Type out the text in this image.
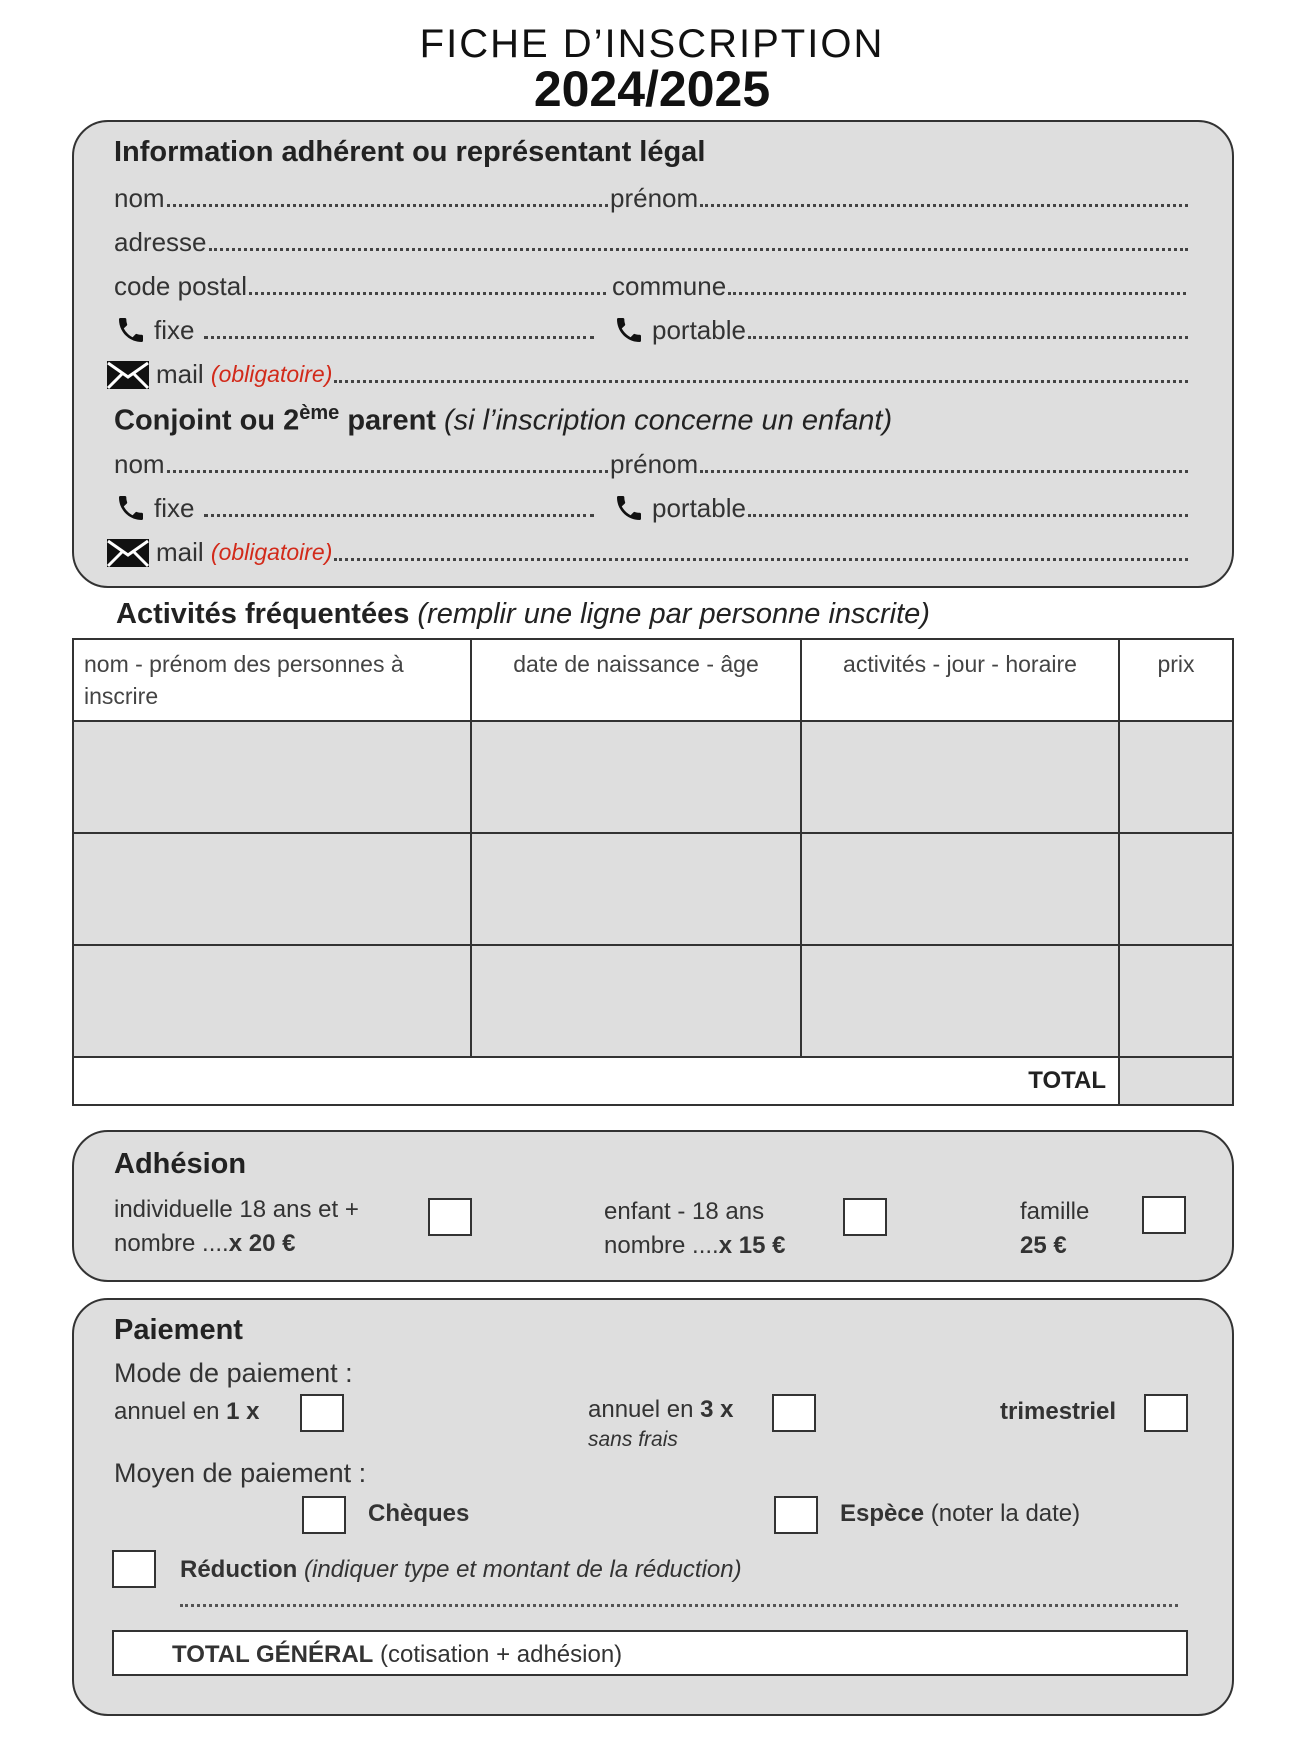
FICHE D’INSCRIPTION
2024/2025
Information adhérent ou représentant légal
nom	prénom
adresse
code postal	commune
fixe
	portable
mail
(obligatoire)
Conjoint ou 2ème parent (si l’inscription concerne un enfant)
nom	prénom
fixe
	portable
mail
(obligatoire)
Activités fréquentées (remplir une ligne par personne inscrite)
nom - prénom des personnes à inscrire	date de naissance - âge	activités - jour - horaire	prix

TOTAL			
Adhésion
individuelle 18 ans et +
nombre ....x 20 €
enfant - 18 ans
nombre ....x 15 €
famille
25 €
Paiement
Mode de paiement :
annuel en 1 x	annuel en 3 x
sans frais
trimestriel
Moyen de paiement :
Chèques	Espèce (noter la date)
Réduction (indiquer type et montant de la réduction)
TOTAL GÉNÉRAL (cotisation + adhésion)
